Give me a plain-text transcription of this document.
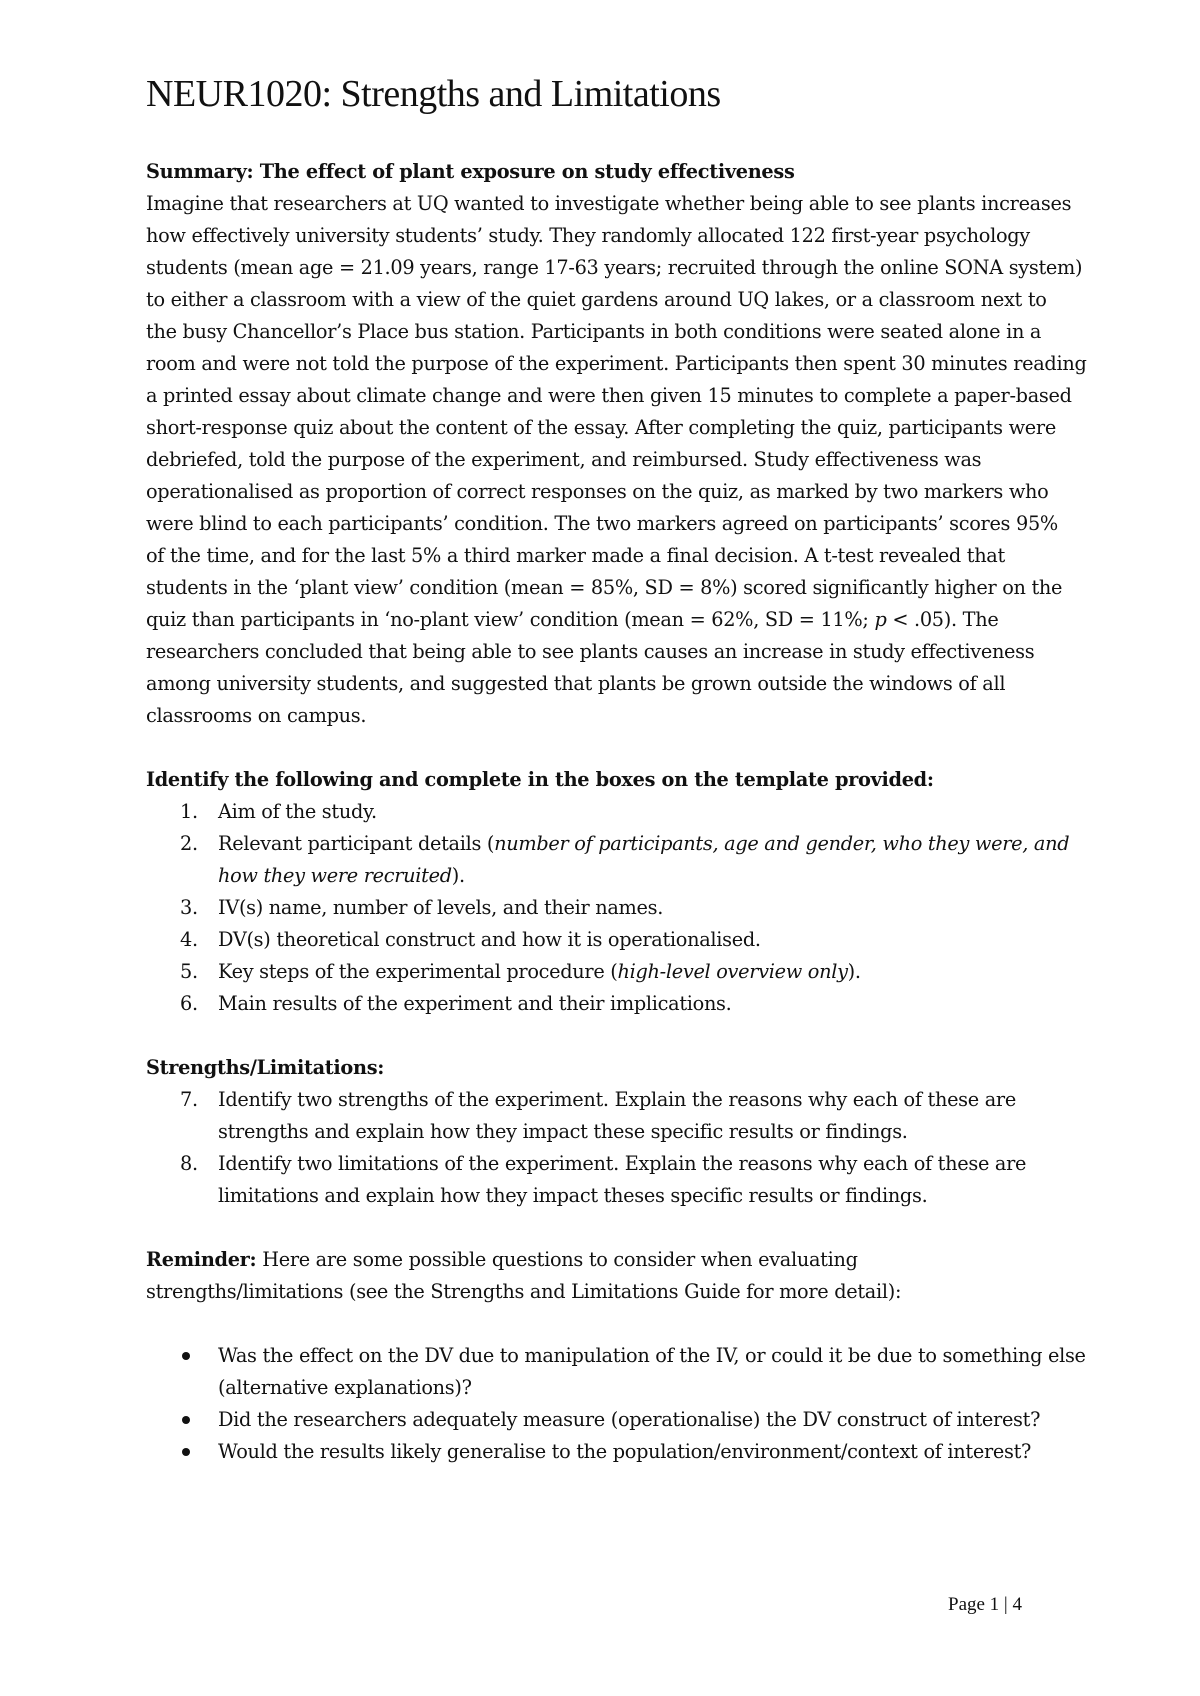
NEUR1020: Strengths and Limitations

Summary: The effect of plant exposure on study effectiveness

Imagine that researchers at UQ wanted to investigate whether being able to see plants increases

how effectively university students’ study. They randomly allocated 122 first-year psychology

students (mean age = 21.09 years, range 17-63 years; recruited through the online SONA system)

to either a classroom with a view of the quiet gardens around UQ lakes, or a classroom next to

the busy Chancellor’s Place bus station. Participants in both conditions were seated alone in a

room and were not told the purpose of the experiment. Participants then spent 30 minutes reading

a printed essay about climate change and were then given 15 minutes to complete a paper-based

short-response quiz about the content of the essay. After completing the quiz, participants were

debriefed, told the purpose of the experiment, and reimbursed. Study effectiveness was

operationalised as proportion of correct responses on the quiz, as marked by two markers who

were blind to each participants’ condition. The two markers agreed on participants’ scores 95%

of the time, and for the last 5% a third marker made a final decision. A t-test revealed that

students in the ‘plant view’ condition (mean = 85%, SD = 8%) scored significantly higher on the

quiz than participants in ‘no-plant view’ condition (mean = 62%, SD = 11%; p < .05). The

researchers concluded that being able to see plants causes an increase in study effectiveness

among university students, and suggested that plants be grown outside the windows of all

classrooms on campus.

Identify the following and complete in the boxes on the template provided:

1. Aim of the study.
2. Relevant participant details (number of participants, age and gender, who they were, and how they were recruited).
3. IV(s) name, number of levels, and their names.
4. DV(s) theoretical construct and how it is operationalised.
5. Key steps of the experimental procedure (high-level overview only).
6. Main results of the experiment and their implications.

Strengths/Limitations:

7. Identify two strengths of the experiment. Explain the reasons why each of these are strengths and explain how they impact these specific results or findings.
8. Identify two limitations of the experiment. Explain the reasons why each of these are limitations and explain how they impact theses specific results or findings.

Reminder: Here are some possible questions to consider when evaluating

strengths/limitations (see the Strengths and Limitations Guide for more detail):

Was the effect on the DV due to manipulation of the IV, or could it be due to something else (alternative explanations)?
Did the researchers adequately measure (operationalise) the DV construct of interest?
Would the results likely generalise to the population/environment/context of interest?
Page 1 | 4
